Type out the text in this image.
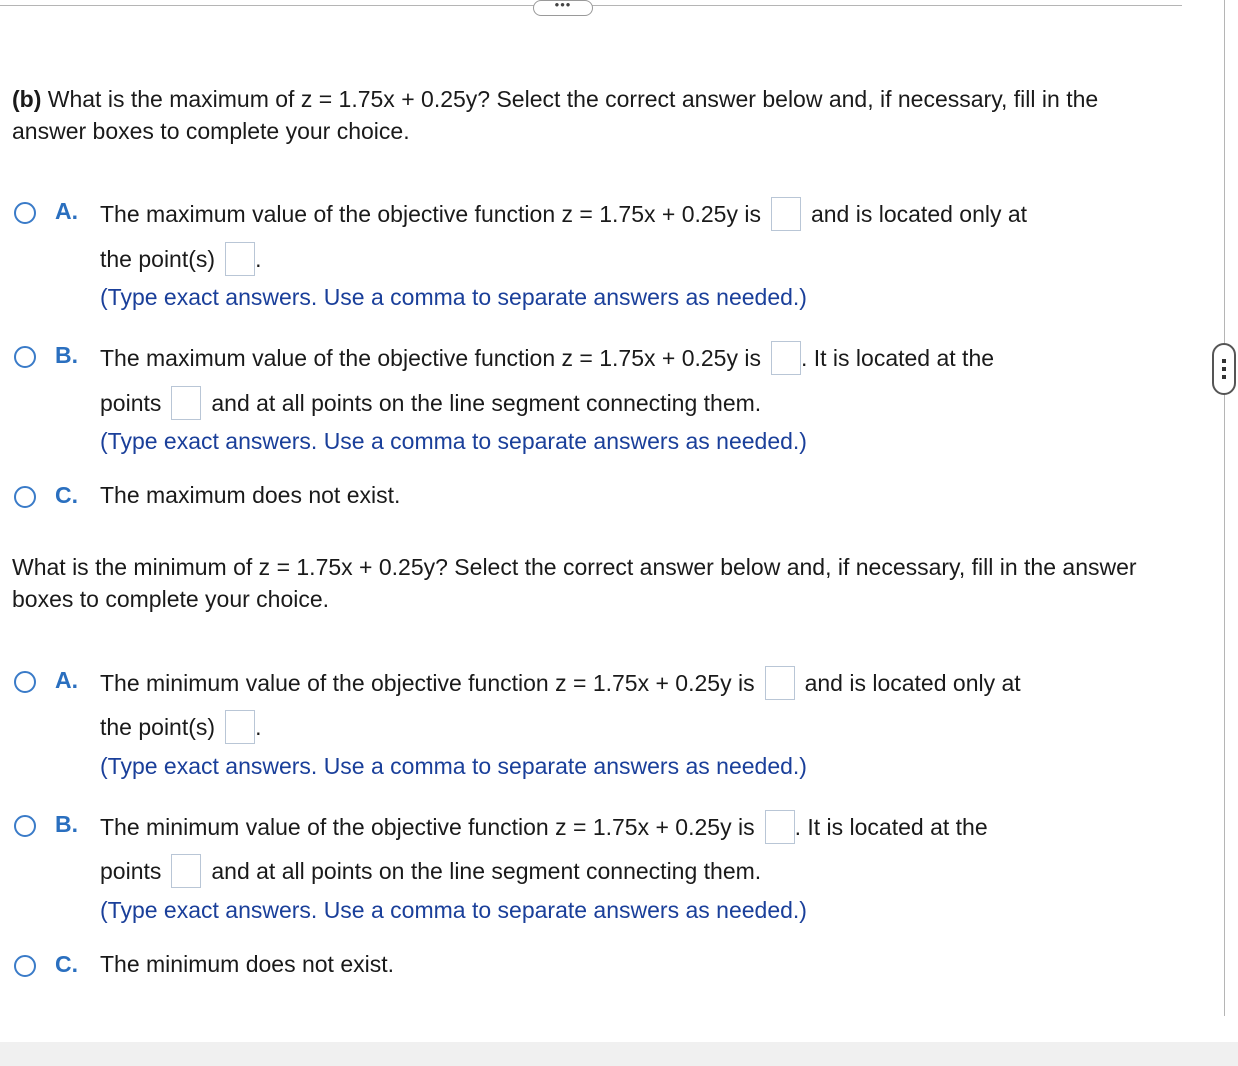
•••
(b) What is the maximum of z = 1.75x + 0.25y? Select the correct answer below and, if necessary, fill in the answer boxes to complete your choice.
A. The maximum value of the objective function z = 1.75x + 0.25y is and is located only at
the point(s) .
(Type exact answers. Use a comma to separate answers as needed.)
B. The maximum value of the objective function z = 1.75x + 0.25y is . It is located at the
points and at all points on the line segment connecting them.
(Type exact answers. Use a comma to separate answers as needed.)
C. The maximum does not exist.
What is the minimum of z = 1.75x + 0.25y? Select the correct answer below and, if necessary, fill in the answer boxes to complete your choice.
A. The minimum value of the objective function z = 1.75x + 0.25y is and is located only at
the point(s) .
(Type exact answers. Use a comma to separate answers as needed.)
B. The minimum value of the objective function z = 1.75x + 0.25y is . It is located at the
points and at all points on the line segment connecting them.
(Type exact answers. Use a comma to separate answers as needed.)
C. The minimum does not exist.
